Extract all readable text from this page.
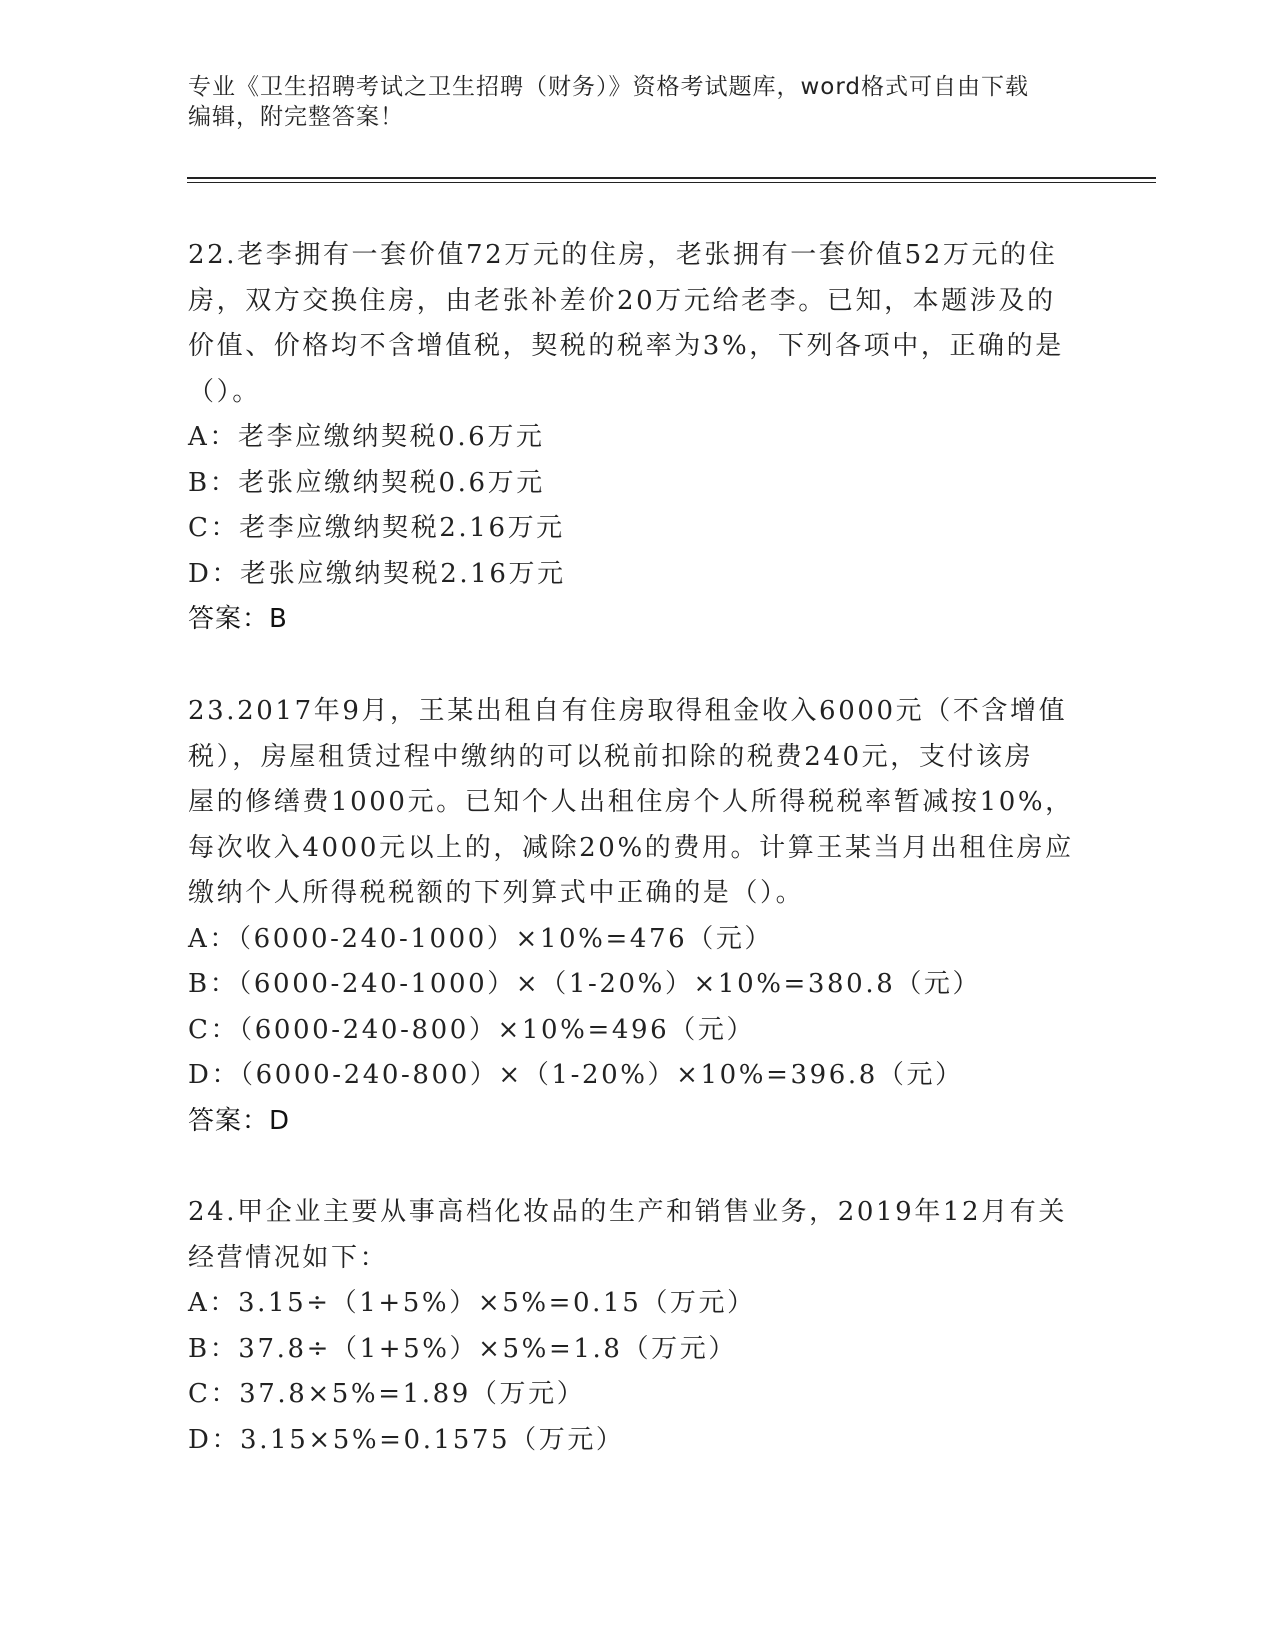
专业《卫生招聘考试之卫生招聘（财务）》资格考试题库，word格式可自由下载
编辑，附完整答案！
22.老李拥有一套价值72万元的住房，老张拥有一套价值52万元的住
房，双方交换住房，由老张补差价20万元给老李。已知，本题涉及的
价值、价格均不含增值税，契税的税率为3%，下列各项中，正确的是
（）。
A：老李应缴纳契税0.6万元
B：老张应缴纳契税0.6万元
C：老李应缴纳契税2.16万元
D：老张应缴纳契税2.16万元
答案：B
23.2017年9月，王某出租自有住房取得租金收入6000元（不含增值
税），房屋租赁过程中缴纳的可以税前扣除的税费240元，支付该房
屋的修缮费1000元。已知个人出租住房个人所得税税率暂减按10%，
每次收入4000元以上的，减除20%的费用。计算王某当月出租住房应
缴纳个人所得税税额的下列算式中正确的是（）。
A：（6000-240-1000）×10%=476（元）
B：（6000-240-1000）×（1-20%）×10%=380.8（元）
C：（6000-240-800）×10%=496（元）
D：（6000-240-800）×（1-20%）×10%=396.8（元）
答案：D
24.甲企业主要从事高档化妆品的生产和销售业务，2019年12月有关
经营情况如下：
A：3.15÷（1+5%）×5%=0.15（万元）
B：37.8÷（1+5%）×5%=1.8（万元）
C：37.8×5%=1.89（万元）
D：3.15×5%=0.1575（万元）
